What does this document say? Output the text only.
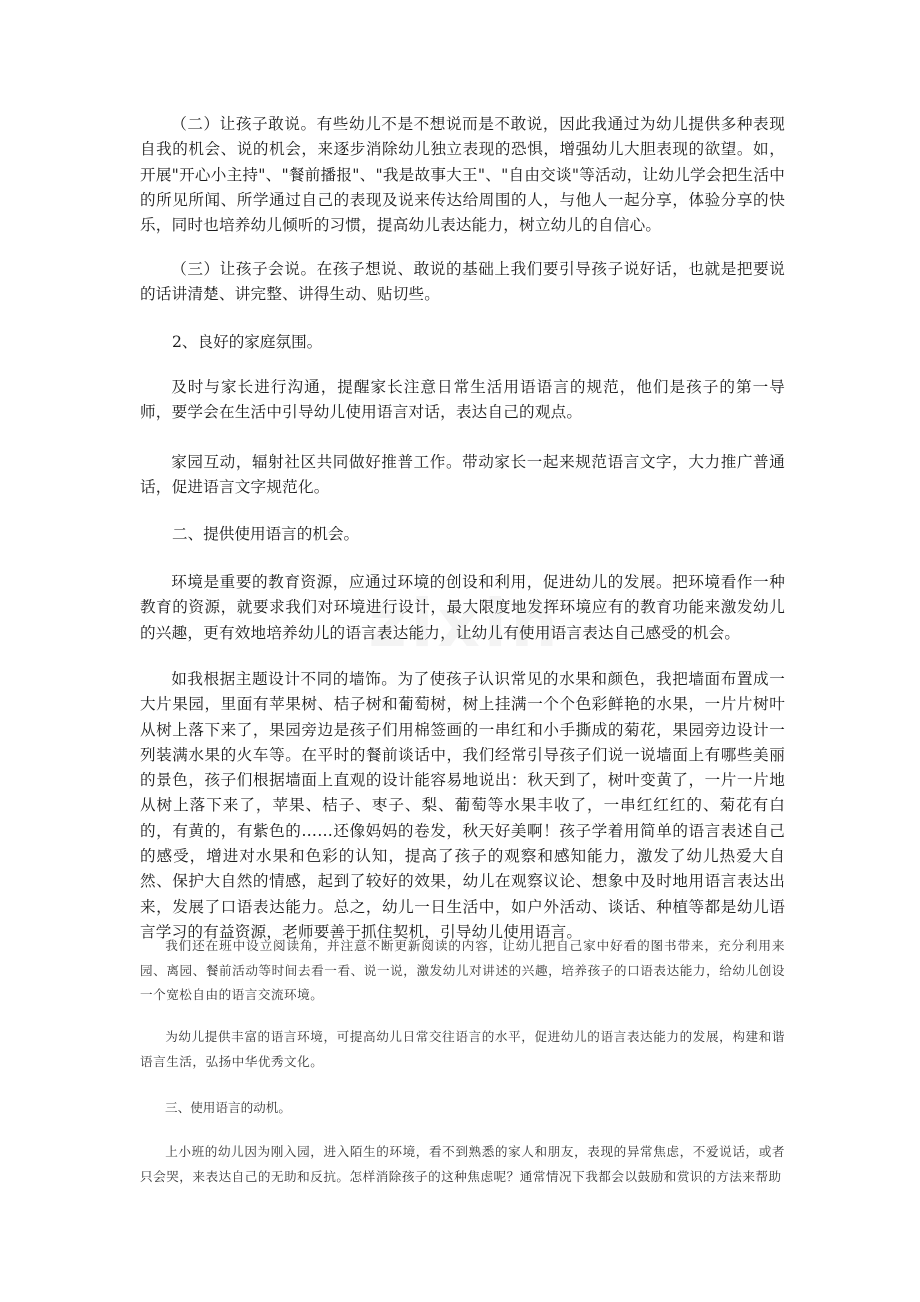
（二）让孩子敢说。有些幼儿不是不想说而是不敢说，因此我通过为幼儿提供多种表现自我的机会、说的机会，来逐步消除幼儿独立表现的恐惧，增强幼儿大胆表现的欲望。如，开展"开心小主持"、"餐前播报"、"我是故事大王"、"自由交谈"等活动，让幼儿学会把生活中的所见所闻、所学通过自己的表现及说来传达给周围的人，与他人一起分享，体验分享的快乐，同时也培养幼儿倾听的习惯，提高幼儿表达能力，树立幼儿的自信心。

（三）让孩子会说。在孩子想说、敢说的基础上我们要引导孩子说好话，也就是把要说的话讲清楚、讲完整、讲得生动、贴切些。

2、良好的家庭氛围。

及时与家长进行沟通，提醒家长注意日常生活用语语言的规范，他们是孩子的第一导师，要学会在生活中引导幼儿使用语言对话，表达自己的观点。

家园互动，辐射社区共同做好推普工作。带动家长一起来规范语言文字，大力推广普通话，促进语言文字规范化。

二、提供使用语言的机会。

环境是重要的教育资源，应通过环境的创设和利用，促进幼儿的发展。把环境看作一种教育的资源，就要求我们对环境进行设计，最大限度地发挥环境应有的教育功能来激发幼儿的兴趣，更有效地培养幼儿的语言表达能力，让幼儿有使用语言表达自己感受的机会。

如我根据主题设计不同的墙饰。为了使孩子认识常见的水果和颜色，我把墙面布置成一大片果园，里面有苹果树、桔子树和葡萄树，树上挂满一个个色彩鲜艳的水果，一片片树叶从树上落下来了，果园旁边是孩子们用棉签画的一串红和小手撕成的菊花，果园旁边设计一列装满水果的火车等。在平时的餐前谈话中，我们经常引导孩子们说一说墙面上有哪些美丽的景色，孩子们根据墙面上直观的设计能容易地说出：秋天到了，树叶变黄了，一片一片地从树上落下来了，苹果、桔子、枣子、梨、葡萄等水果丰收了，一串红红红的、菊花有白的，有黄的，有紫色的……还像妈妈的卷发，秋天好美啊！孩子学着用简单的语言表述自己的感受，增进对水果和色彩的认知，提高了孩子的观察和感知能力，激发了幼儿热爱大自然、保护大自然的情感，起到了较好的效果，幼儿在观察议论、想象中及时地用语言表达出来，发展了口语表达能力。总之，幼儿一日生活中，如户外活动、谈话、种植等都是幼儿语言学习的有益资源，老师要善于抓住契机，引导幼儿使用语言。

我们还在班中设立阅读角，并注意不断更新阅读的内容，让幼儿把自己家中好看的图书带来，充分利用来园、离园、餐前活动等时间去看一看、说一说，激发幼儿对讲述的兴趣，培养孩子的口语表达能力，给幼儿创设一个宽松自由的语言交流环境。

为幼儿提供丰富的语言环境，可提高幼儿日常交往语言的水平，促进幼儿的语言表达能力的发展，构建和谐语言生活，弘扬中华优秀文化。

三、使用语言的动机。

上小班的幼儿因为刚入园，进入陌生的环境，看不到熟悉的家人和朋友，表现的异常焦虑，不爱说话，或者只会哭，来表达自己的无助和反抗。怎样消除孩子的这种焦虑呢？通常情况下我都会以鼓励和赏识的方法来帮助
